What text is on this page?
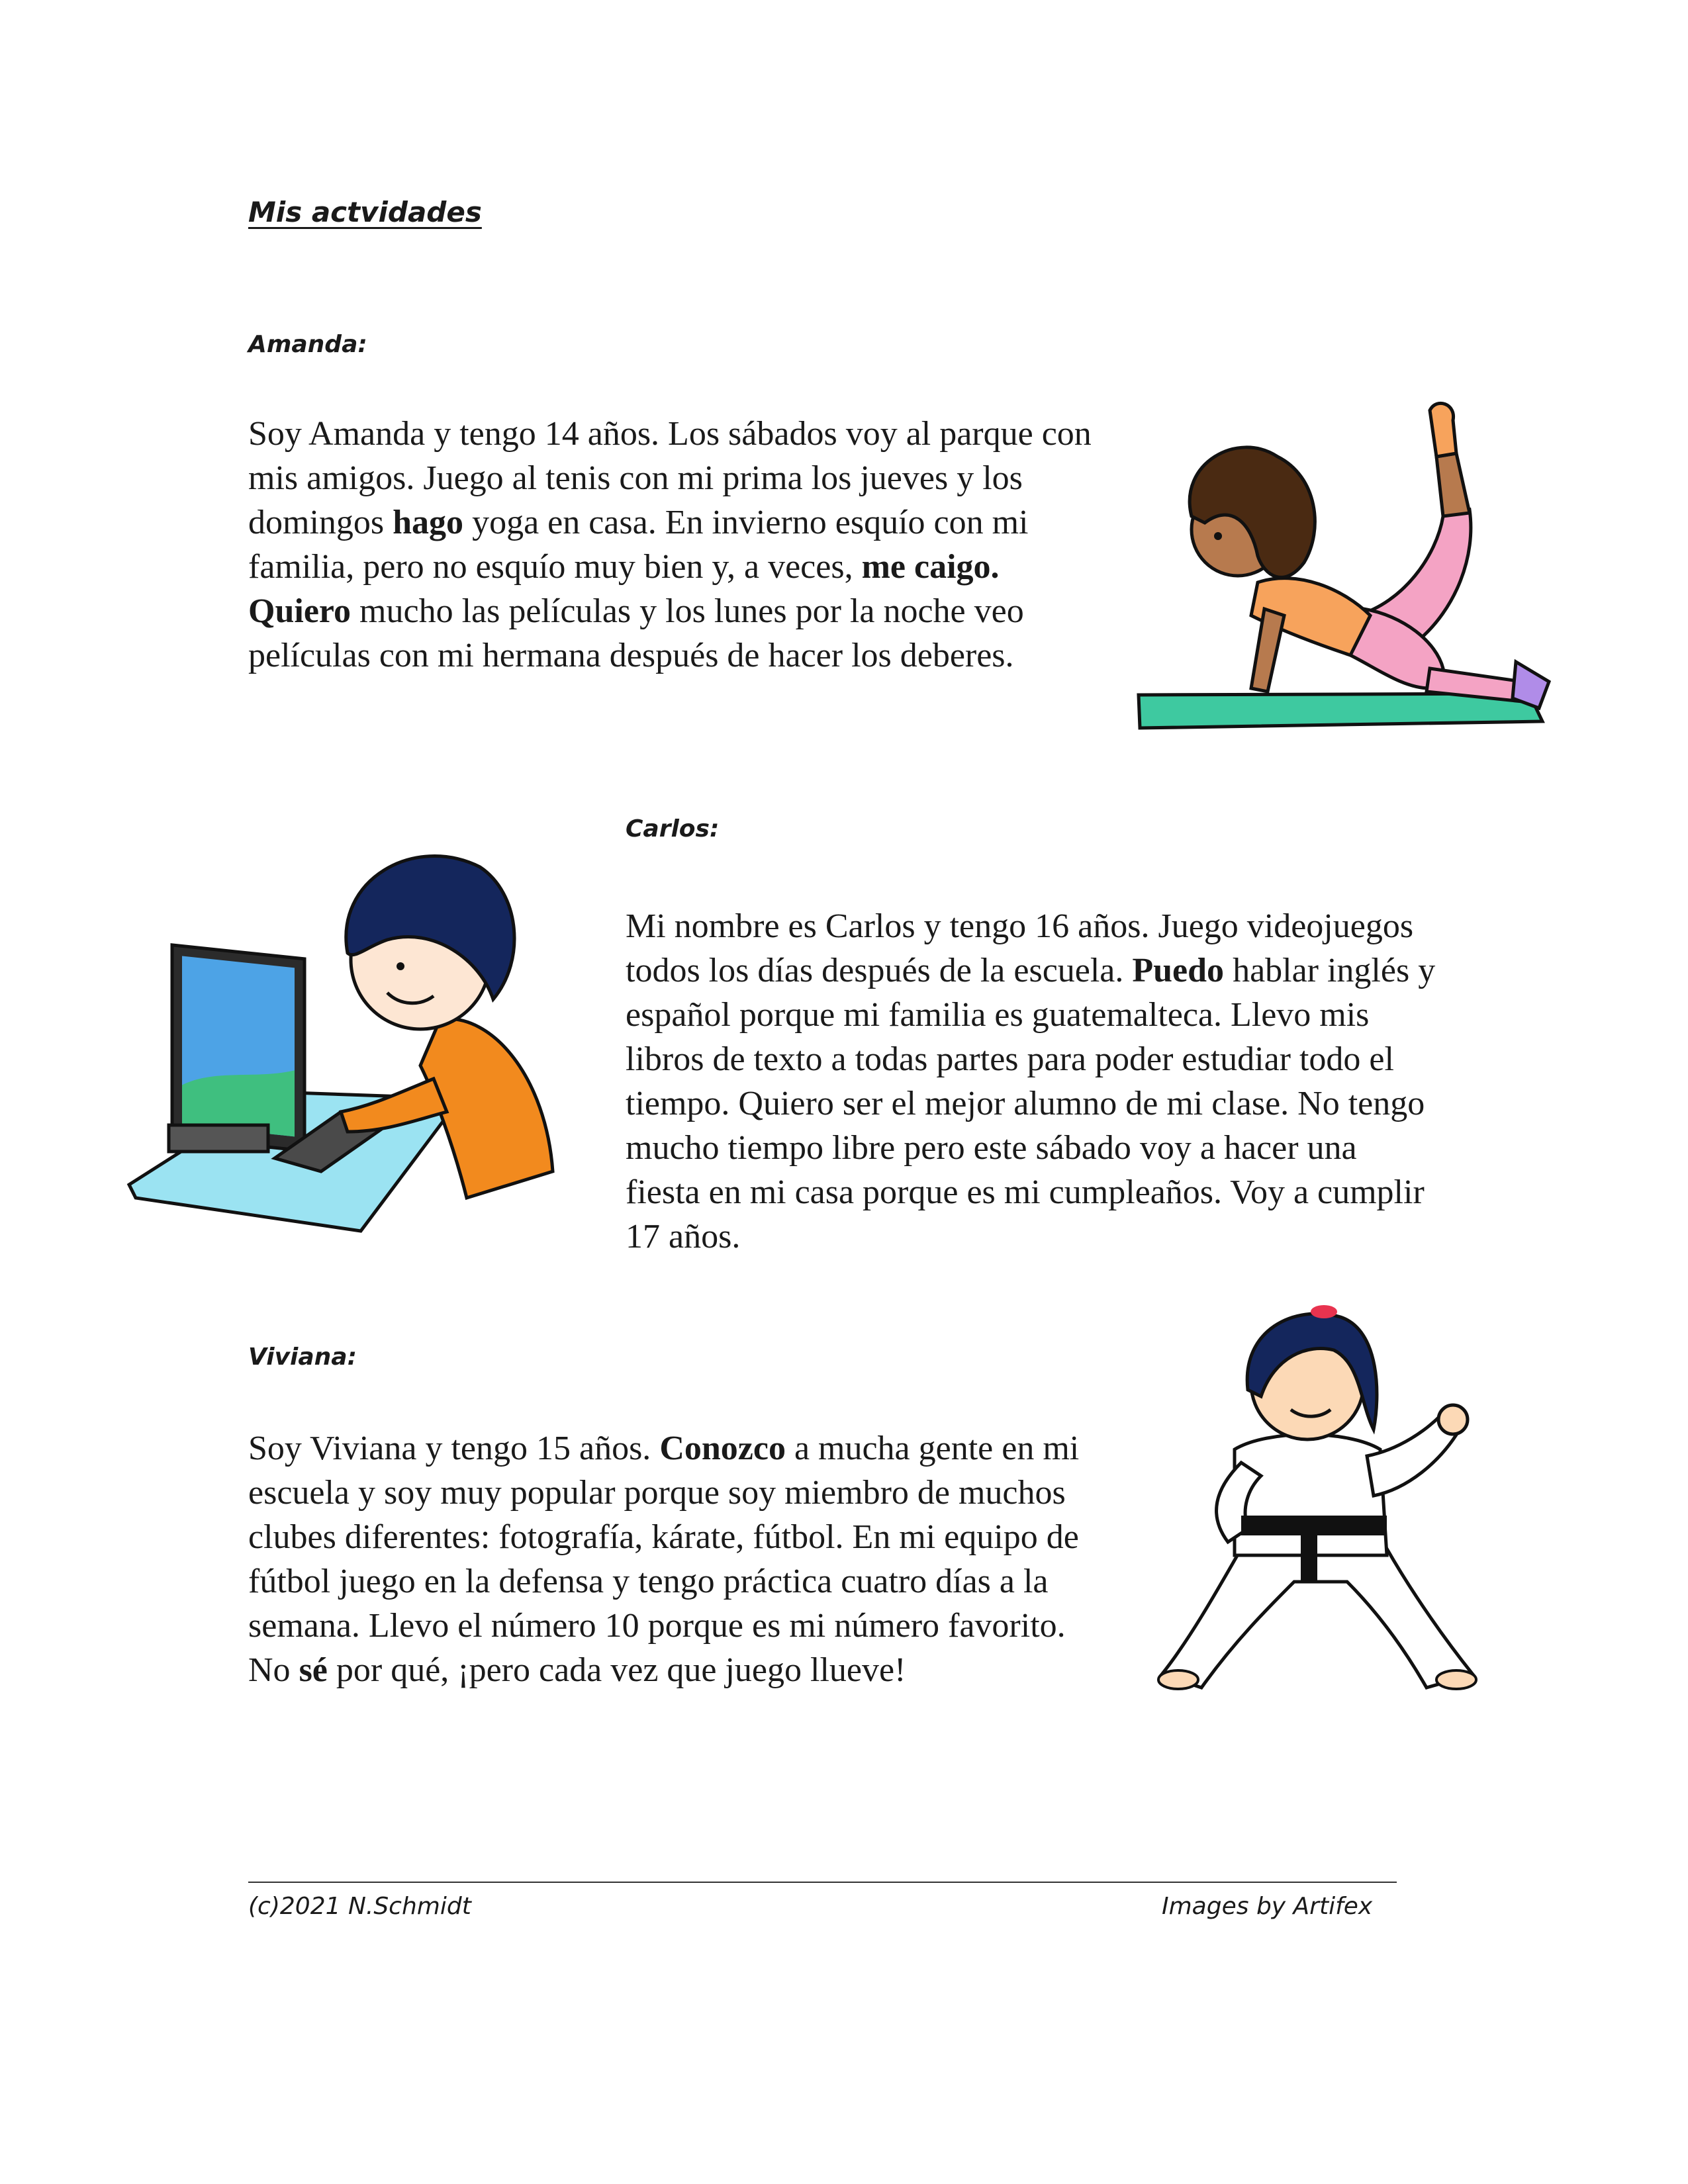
Mis actvidades
Amanda:

Soy Amanda y tengo 14 años. Los sábados voy al parque con mis amigos. Juego al tenis con mi prima los jueves y los domingos hago yoga en casa. En invierno esquío con mi familia, pero no esquío muy bien y, a veces, me caigo. Quiero mucho las películas y los lunes por la noche veo películas con mi hermana después de hacer los deberes.

Carlos:

Mi nombre es Carlos y tengo 16 años. Juego videojuegos todos los días después de la escuela. Puedo hablar inglés y español porque mi familia es guatemalteca. Llevo mis libros de texto a todas partes para poder estudiar todo el tiempo. Quiero ser el mejor alumno de mi clase. No tengo mucho tiempo libre pero este sábado voy a hacer una fiesta en mi casa porque es mi cumpleaños. Voy a cumplir 17 años.

Viviana:

Soy Viviana y tengo 15 años. Conozco a mucha gente en mi escuela y soy muy popular porque soy miembro de muchos clubes diferentes: fotografía, kárate, fútbol. En mi equipo de fútbol juego en la defensa y tengo práctica cuatro días a la semana. Llevo el número 10 porque es mi número favorito. No sé por qué, ¡pero cada vez que juego llueve!

(c)2021 N.Schmidt	Images by Artifex
